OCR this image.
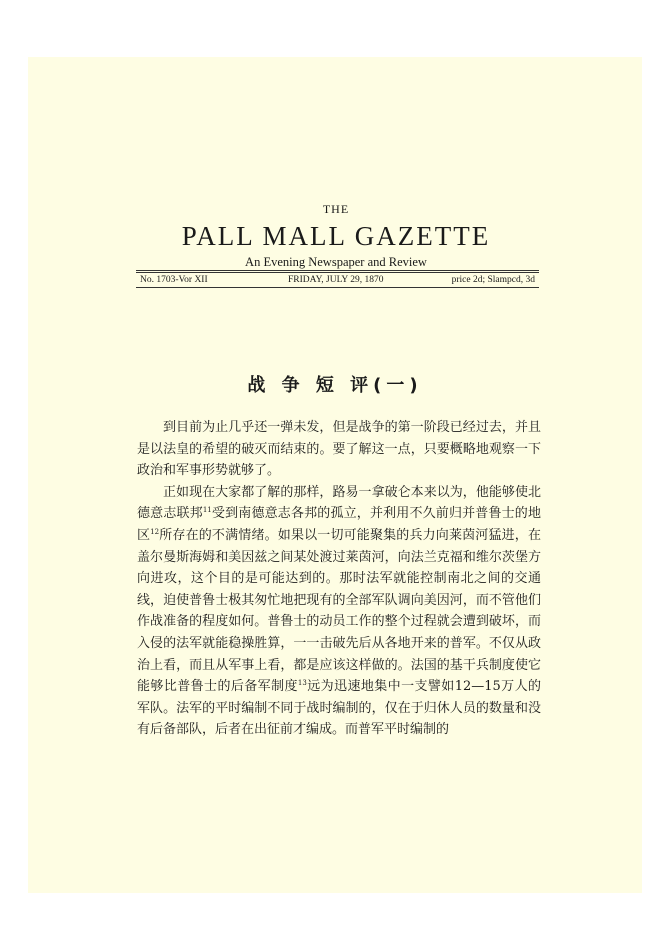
THE
PALL MALL GAZETTE
An Evening Newspaper and Review
No. 1703-Vor XII	FRIDAY, JULY 29, 1870	price 2d; Slampcd, 3d
战 争 短 评(一)

到目前为止几乎还一弹未发，但是战争的第一阶段已经过去，并且是以法皇的希望的破灭而结束的。要了解这一点，只要概略地观察一下政治和军事形势就够了。

正如现在大家都了解的那样，路易一拿破仑本来以为，他能够使北德意志联邦$^{11}$受到南德意志各邦的孤立，并利用不久前归并普鲁士的地区$^{12}$所存在的不满情绪。如果以一切可能聚集的兵力向莱茵河猛进，在盖尔曼斯海姆和美因兹之间某处渡过莱茵河，向法兰克福和维尔茨堡方向进攻，这个目的是可能达到的。那时法军就能控制南北之间的交通线，迫使普鲁士极其匆忙地把现有的全部军队调向美因河，而不管他们作战准备的程度如何。普鲁士的动员工作的整个过程就会遭到破坏，而入侵的法军就能稳操胜算，一一击破先后从各地开来的普军。不仅从政治上看，而且从军事上看，都是应该这样做的。法国的基干兵制度使它能够比普鲁士的后备军制度$^{13}$远为迅速地集中一支譬如12—15万人的军队。法军的平时编制不同于战时编制的，仅在于归休人员的数量和没有后备部队，后者在出征前才编成。而普军平时编制的
